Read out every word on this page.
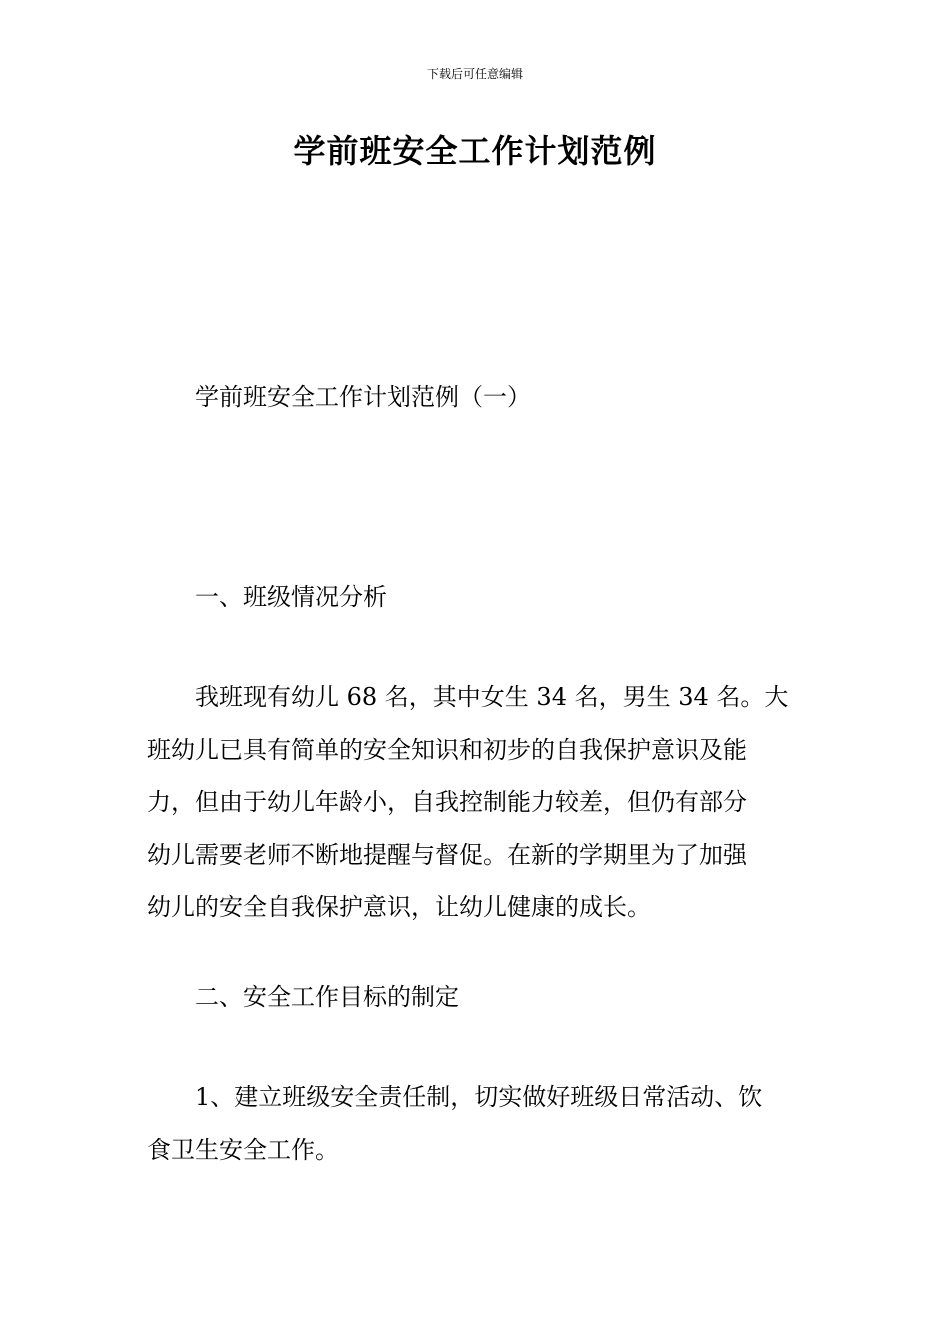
下载后可任意编辑
学前班安全工作计划范例
学前班安全工作计划范例（一）
一、班级情况分析
我班现有幼儿 68 名，其中女生 34 名，男生 34 名。大
班幼儿已具有简单的安全知识和初步的自我保护意识及能
力，但由于幼儿年龄小，自我控制能力较差，但仍有部分
幼儿需要老师不断地提醒与督促。在新的学期里为了加强
幼儿的安全自我保护意识，让幼儿健康的成长。
二、安全工作目标的制定
1、建立班级安全责任制，切实做好班级日常活动、饮
食卫生安全工作。
